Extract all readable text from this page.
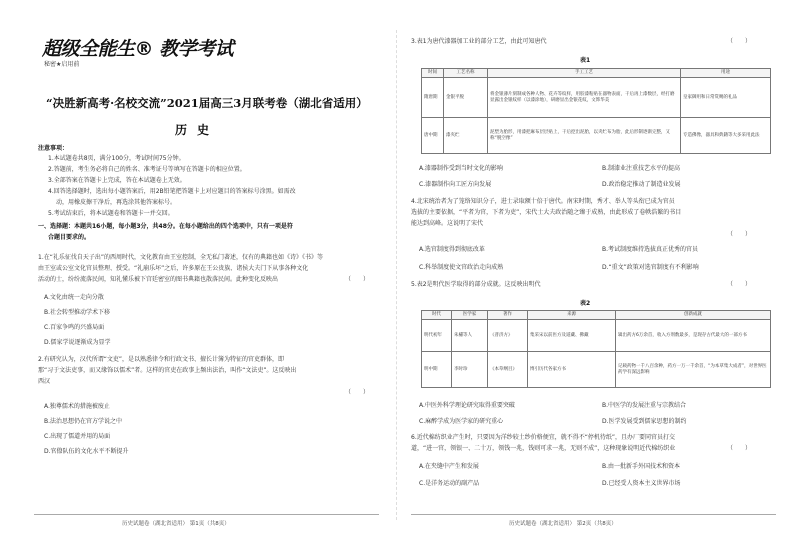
超级全能生® 教学考试
秘密★启用前
“决胜新高考·名校交流”2021届高三3月联考卷（湖北省适用）
历史
注意事项：
1.本试题卷共8页，满分100分，考试时间75分钟。
2.答题前，考生务必将自己的姓名、准考证号等填写在答题卡的相应位置。
3.全部答案在答题卡上完成，答在本试题卷上无效。
4.回答选择题时，选出每小题答案后，用2B铅笔把答题卡上对应题目的答案标号涂黑。如需改
动，用橡皮擦干净后，再选涂其他答案标号。
5.考试结束后，将本试题卷和答题卡一并交回。
一、选择题：本题共16小题，每小题3分，共48分。在每小题给出的四个选项中，只有一项是符
合题目要求的。
1.在“礼乐征伐自天子出”的西周时代，文化教育由王室控制，全无私门著述，仅有的典籍也如《诗》《书》等
由王室或公室文化官员整理、授受。“礼崩乐坏”之后，许多原在王公贵族、诸侯大夫门下从事各种文化
活动的士，纷纷流落民间，知礼懂乐被下宫廷密室的图书典籍也散落民间。此种变化反映出	（　　）
A.文化由统一走向分散
B.社会转型推动学术下移
C.百家争鸣的兴盛局面
D.儒家学说逐渐成为显学
2.有研究认为，汉代所谓“文吏”，是以熟悉律令和行政文书、擅长计簿为特征的官吏群体，即
那“习于文法吏事，而又缘饰以儒术”者。这样的官吏在政事上频出法治，叫作“文法吏”。这反映出
西汉
（　　）
A.独尊儒术的措施被废止
B.法治思想仍在官方学说之中
C.出现了儒道并用的局面
D.官僚队伍的文化水平不断提升
历史试题卷（湖北省适用） 第1页（共8页）
3.表1为唐代漆器加工业的部分工艺，由此可知唐代	（　　）
表1
时间	工艺名称	手工工艺	用途
隋唐期	金银平脱	将金银薄片刻制成各种人物、花卉等纹样，用胶漆粘贴在器物表面，干后再上漆数层，经打磨显露出金银纹样（以漆涂地），研磨显出金银花纹，文饰华美	皇家御用和日常赏赐的礼品
唐中期	漆夹纻	泥塑为胎形，用漆把麻布层层贴上，干后挖出泥胎，以夹纻布为胎，此后形制逐渐完整，又称“脱空像”	专造佛像，器具和典籍等大多采用此法
A.漆器制作受到当时文化的影响	B.制漆业注重技艺水平的提高
C.漆器制作向工匠方向发展	D.政治稳定推动了制造业发展
4.北宋统治者为了笼络知识分子，进士录取额十倍于唐代。南宋时期，秀才、举人等头衔已成为官员
选拔的主要依据，“平者为官，下者为吏”，宋代士大夫政治随之臻于成熟，由此形成了卷帙浩繁的书目
能达到高峰。这说明了宋代
（　　）
A.选官制度得到彻底改革	B.考试制度维持选拔真正优秀的官员
C.科举制度使文官政治走向成熟	D.“重文”政策对选官制度有不利影响
5.表2是明代医学取得的部分成就。这反映出明代	（　　）
表2
时代	医学家	著作	来源	创新成就
明代初年	朱橚等人	《普济方》	集采宋以前医方及道藏、佛藏	辑出药方6万余首，收入方剂数最多，是现存古代最大的一部方书
明中期	李时珍	《本草纲目》	博引历代各家方书	记载药物一千八百余种，药方一万一千余首，“为本草集大成者”，对世界医药学有深远影响
A.中医外科学理论研究取得重要突破	B.中医学的发展注重与宗教结合
C.麻醉学成为医学家的研究重心	D.医学发展受到儒家思想的制约
6.近代棉纺织业产生时，只要因为洋纱较土纱价格便宜，就不得不“停机待纸”，且办厂要同官员打交
道，“进一官，领银一、二十万，领钱一兆，钱则可求一兆，无则不成”，这种现象说明近代棉纺织业	（　　）
A.在夹缝中产生和发展	B.由一批新手外国技术和资本
C.是洋务运动的副产品	D.已经受人资本主义世界市场
历史试题卷（湖北省适用） 第2页（共8页）
